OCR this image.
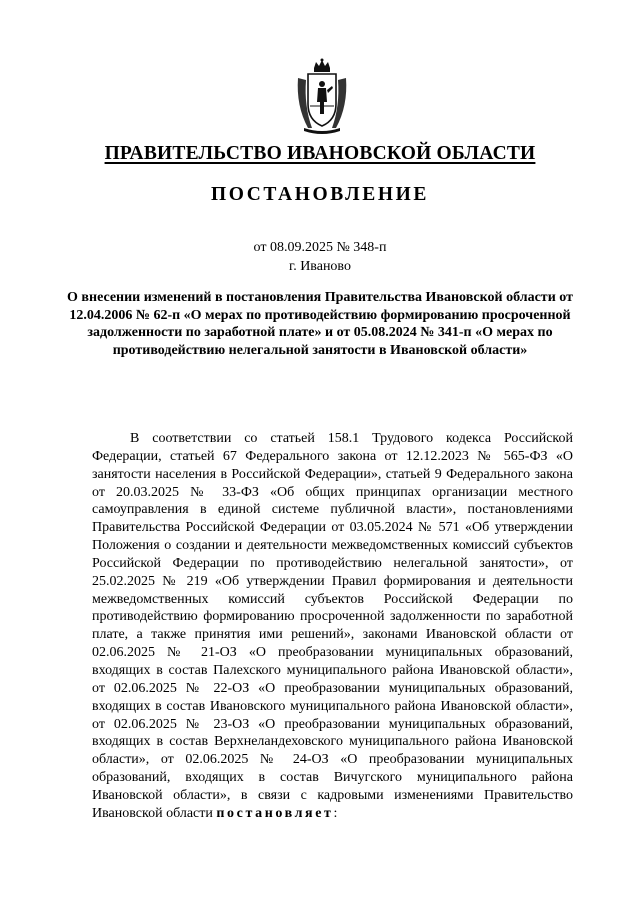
ПРАВИТЕЛЬСТВО ИВАНОВСКОЙ ОБЛАСТИ
ПОСТАНОВЛЕНИЕ
от 08.09.2025 № 348-п
г. Иваново
О внесении изменений в постановления Правительства Ивановской области от 12.04.2006 № 62-п «О мерах по противодействию формированию просроченной задолженности по заработной плате» и от 05.08.2024 № 341-п «О мерах по противодействию нелегальной занятости в Ивановской области»

В соответствии со статьей 158.1 Трудового кодекса Российской Федерации, статьей 67 Федерального закона от 12.12.2023 № 565-ФЗ «О занятости населения в Российской Федерации», статьей 9 Федерального закона от 20.03.2025 № 33-ФЗ «Об общих принципах организации местного самоуправления в единой системе публичной власти», постановлениями Правительства Российской Федерации от 03.05.2024 № 571 «Об утверждении Положения о создании и деятельности межведомственных комиссий субъектов Российской Федерации по противодействию нелегальной занятости», от 25.02.2025 № 219 «Об утверждении Правил формирования и деятельности межведомственных комиссий субъектов Российской Федерации по противодействию формированию просроченной задолженности по заработной плате, а также принятия ими решений», законами Ивановской области от 02.06.2025 № 21-ОЗ «О преобразовании муниципальных образований, входящих в состав Палехского муниципального района Ивановской области», от 02.06.2025 № 22-ОЗ «О преобразовании муниципальных образований, входящих в состав Ивановского муниципального района Ивановской области», от 02.06.2025 № 23-ОЗ «О преобразовании муниципальных образований, входящих в состав Верхнеландеховского муниципального района Ивановской области», от 02.06.2025 № 24-ОЗ «О преобразовании муниципальных образований, входящих в состав Вичугского муниципального района Ивановской области», в связи с кадровыми изменениями Правительство Ивановской области постановляет:
